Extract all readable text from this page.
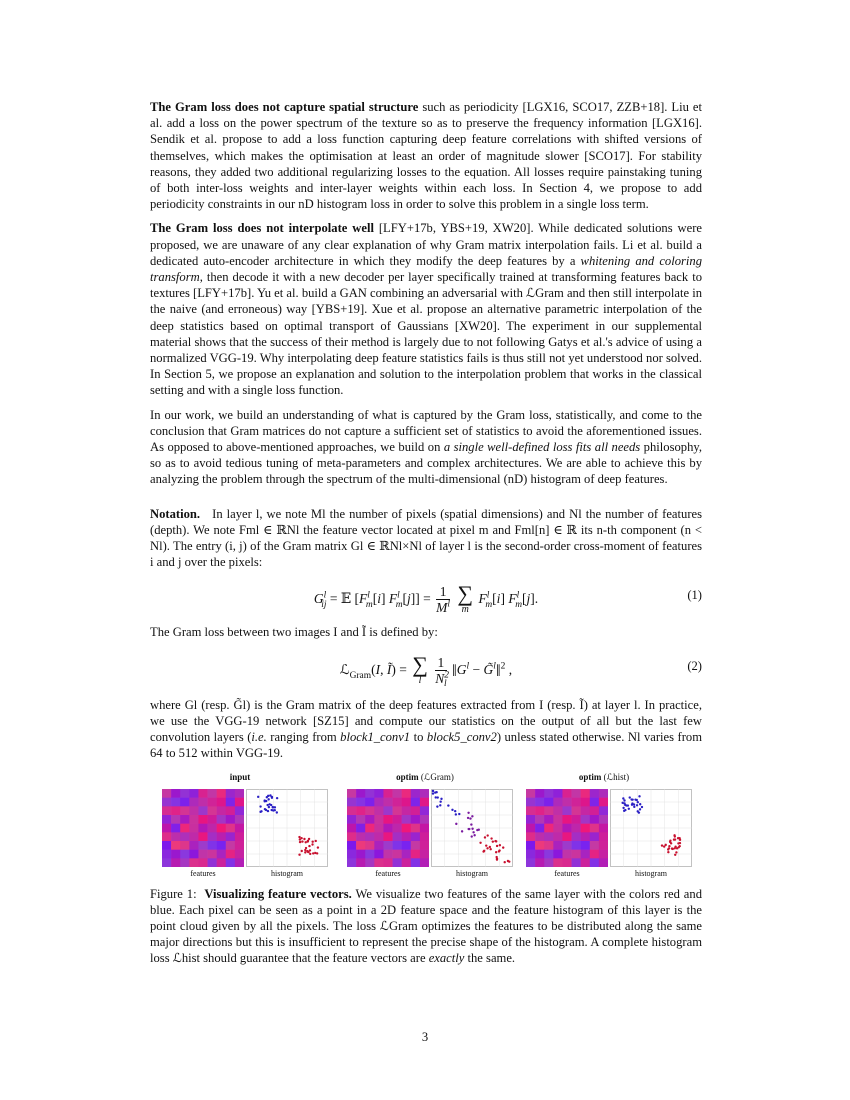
The Gram loss does not capture spatial structure such as periodicity [LGX16, SCO17, ZZB+18]. Liu et al. add a loss on the power spectrum of the texture so as to preserve the frequency information [LGX16]. Sendik et al. propose to add a loss function capturing deep feature correlations with shifted versions of themselves, which makes the optimisation at least an order of magnitude slower [SCO17]. For stability reasons, they added two additional regularizing losses to the equation. All losses require painstaking tuning of both inter-loss weights and inter-layer weights within each loss. In Section 4, we propose to add periodicity constraints in our nD histogram loss in order to solve this problem in a single loss term.

The Gram loss does not interpolate well [LFY+17b, YBS+19, XW20]. While dedicated solutions were proposed, we are unaware of any clear explanation of why Gram matrix interpolation fails. Li et al. build a dedicated auto-encoder architecture in which they modify the deep features by a whitening and coloring transform, then decode it with a new decoder per layer specifically trained at transforming features back to textures [LFY+17b]. Yu et al. build a GAN combining an adversarial with ℒGram and then still interpolate in the naive (and erroneous) way [YBS+19]. Xue et al. propose an alternative parametric interpolation of the deep statistics based on optimal transport of Gaussians [XW20]. The experiment in our supplemental material shows that the success of their method is largely due to not following Gatys et al.'s advice of using a normalized VGG-19. Why interpolating deep feature statistics fails is thus still not yet understood nor solved. In Section 5, we propose an explanation and solution to the interpolation problem that works in the classical setting and with a single loss function.

In our work, we build an understanding of what is captured by the Gram loss, statistically, and come to the conclusion that Gram matrices do not capture a sufficient set of statistics to avoid the aforementioned issues. As opposed to above-mentioned approaches, we build on a single well-defined loss fits all needs philosophy, so as to avoid tedious tuning of meta-parameters and complex architectures. We are able to achieve this by analyzing the problem through the spectrum of the multi-dimensional (nD) histogram of deep features.

Notation. In layer l, we note Ml the number of pixels (spatial dimensions) and Nl the number of features (depth). We note Fml ∈ ℝNl the feature vector located at pixel m and Fml[n] ∈ ℝ its n-th component (n < Nl). The entry (i, j) of the Gram matrix Gl ∈ ℝNl×Nl of layer l is the second-order cross-moment of features i and j over the pixels:

$G^l_{ij}$ = 𝔼 $[F^l_m[i] F^l_m[j]] = \frac{1}{M^l}$ ∑
m
$F^l_m[i]$ $F^l_m[j]$.	(1)

The Gram loss between two images I and Ĩ is defined by:

ℒ$_{Gram}$(I, Ĩ) = ∑
l
	$\frac{1}{N^2_l}$ $‖G^l$ − G̃$^l$‖$^2$ ,	(2)

where Gl (resp. G̃l) is the Gram matrix of the deep features extracted from I (resp. Ĩ) at layer l. In practice, we use the VGG-19 network [SZ15] and compute our statistics on the output of all but the last few convolution layers (i.e. ranging from block1_conv1 to block5_conv2) unless stated otherwise. Nl varies from 64 to 512 within VGG-19.

input
features	histogram
optim (ℒGram)
features	histogram
optim (ℒhist)
features	histogram

Figure 1: Visualizing feature vectors. We visualize two features of the same layer with the colors red and blue. Each pixel can be seen as a point in a 2D feature space and the feature histogram of this layer is the point cloud given by all the pixels. The loss ℒGram optimizes the features to be distributed along the same major directions but this is insufficient to represent the precise shape of the histogram. A complete histogram loss ℒhist should guarantee that the feature vectors are exactly the same.

3
